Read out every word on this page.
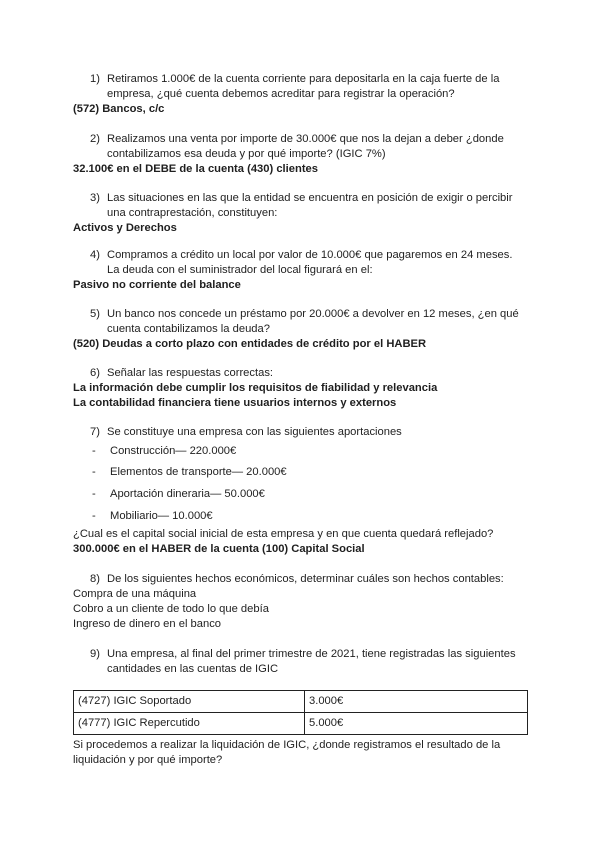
1) Retiramos 1.000€ de la cuenta corriente para depositarla en la caja fuerte de la empresa, ¿qué cuenta debemos acreditar para registrar la operación?
(572) Bancos, c/c
2) Realizamos una venta por importe de 30.000€ que nos la dejan a deber ¿donde contabilizamos esa deuda y por qué importe? (IGIC 7%)
32.100€ en el DEBE de la cuenta (430) clientes
3) Las situaciones en las que la entidad se encuentra en posición de exigir o percibir una contraprestación, constituyen:
Activos y Derechos
4) Compramos a crédito un local por valor de 10.000€ que pagaremos en 24 meses. La deuda con el suministrador del local figurará en el:
Pasivo no corriente del balance
5) Un banco nos concede un préstamo por 20.000€ a devolver en 12 meses, ¿en qué cuenta contabilizamos la deuda?
(520) Deudas a corto plazo con entidades de crédito por el HABER
6) Señalar las respuestas correctas:
La información debe cumplir los requisitos de fiabilidad y relevancia
La contabilidad financiera tiene usuarios internos y externos
7) Se constituye una empresa con las siguientes aportaciones
- Construcción— 220.000€
- Elementos de transporte— 20.000€
- Aportación dineraria— 50.000€
- Mobiliario— 10.000€
¿Cual es el capital social inicial de esta empresa y en que cuenta quedará reflejado?
300.000€ en el HABER de la cuenta (100) Capital Social
8) De los siguientes hechos económicos, determinar cuáles son hechos contables:
Compra de una máquina
Cobro a un cliente de todo lo que debía
Ingreso de dinero en el banco
9) Una empresa, al final del primer trimestre de 2021, tiene registradas las siguientes cantidades en las cuentas de IGIC
(4727) IGIC Soportado	3.000€
(4777) IGIC Repercutido	5.000€
Si procedemos a realizar la liquidación de IGIC, ¿donde registramos el resultado de la liquidación y por qué importe?
